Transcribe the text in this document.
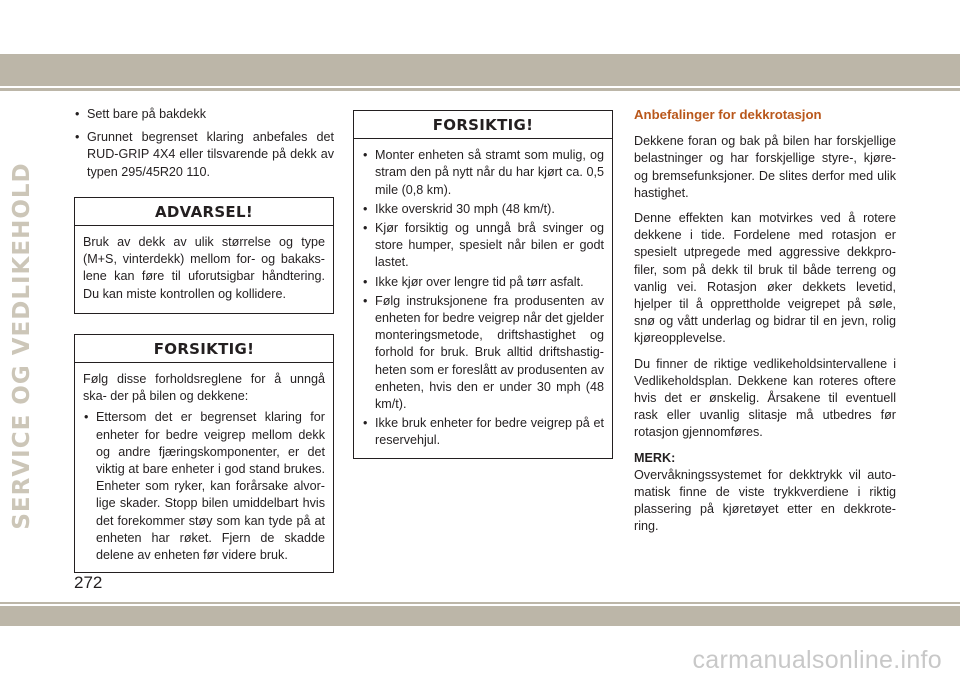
SERVICE OG VEDLIKEHOLD
• Sett bare på bakdekk
• Grunnet begrenset klaring anbefales det RUD-GRIP 4X4 eller tilsvarende på dekk av typen 295/45R20 110.
ADVARSEL!

Bruk av dekk av ulik størrelse og type (M+S, vinterdekk) mellom for- og bakaks- lene kan føre til uforutsigbar håndtering. Du kan miste kontrollen og kollidere.

FORSIKTIG!

Følg disse forholdsreglene for å unngå ska- der på bilen og dekkene:

• Ettersom det er begrenset klaring for enheter for bedre veigrep mellom dekk og andre fjæringskomponenter, er det viktig at bare enheter i god stand brukes. Enheter som ryker, kan forårsake alvor- lige skader. Stopp bilen umiddelbart hvis det forekommer støy som kan tyde på at enheten har røket. Fjern de skadde delene av enheten før videre bruk.
FORSIKTIG!
• Monter enheten så stramt som mulig, og stram den på nytt når du har kjørt ca. 0,5 mile (0,8 km).
• Ikke overskrid 30 mph (48 km/t).
• Kjør forsiktig og unngå brå svinger og store humper, spesielt når bilen er godt lastet.
• Ikke kjør over lengre tid på tørr asfalt.
• Følg instruksjonene fra produsenten av enheten for bedre veigrep når det gjelder monteringsmetode, driftshastighet og forhold for bruk. Bruk alltid driftshastig- heten som er foreslått av produsenten av enheten, hvis den er under 30 mph (48 km/t).
• Ikke bruk enheter for bedre veigrep på et reservehjul.
Anbefalinger for dekkrotasjon

Dekkene foran og bak på bilen har forskjellige belastninger og har forskjellige styre-, kjøre- og bremsefunksjoner. De slites derfor med ulik hastighet.

Denne effekten kan motvirkes ved å rotere dekkene i tide. Fordelene med rotasjon er spesielt utpregede med aggressive dekkpro- filer, som på dekk til bruk til både terreng og vanlig vei. Rotasjon øker dekkets levetid, hjelper til å opprettholde veigrepet på søle, snø og vått underlag og bidrar til en jevn, rolig kjøreopplevelse.

Du finner de riktige vedlikeholdsintervallene i Vedlikeholdsplan. Dekkene kan roteres oftere hvis det er ønskelig. Årsakene til eventuell rask eller uvanlig slitasje må utbedres før rotasjon gjennomføres.

MERK:

Overvåkningssystemet for dekktrykk vil auto- matisk finne de viste trykkverdiene i riktig plassering på kjøretøyet etter en dekkrote- ring.

272
carmanualsonline.info
